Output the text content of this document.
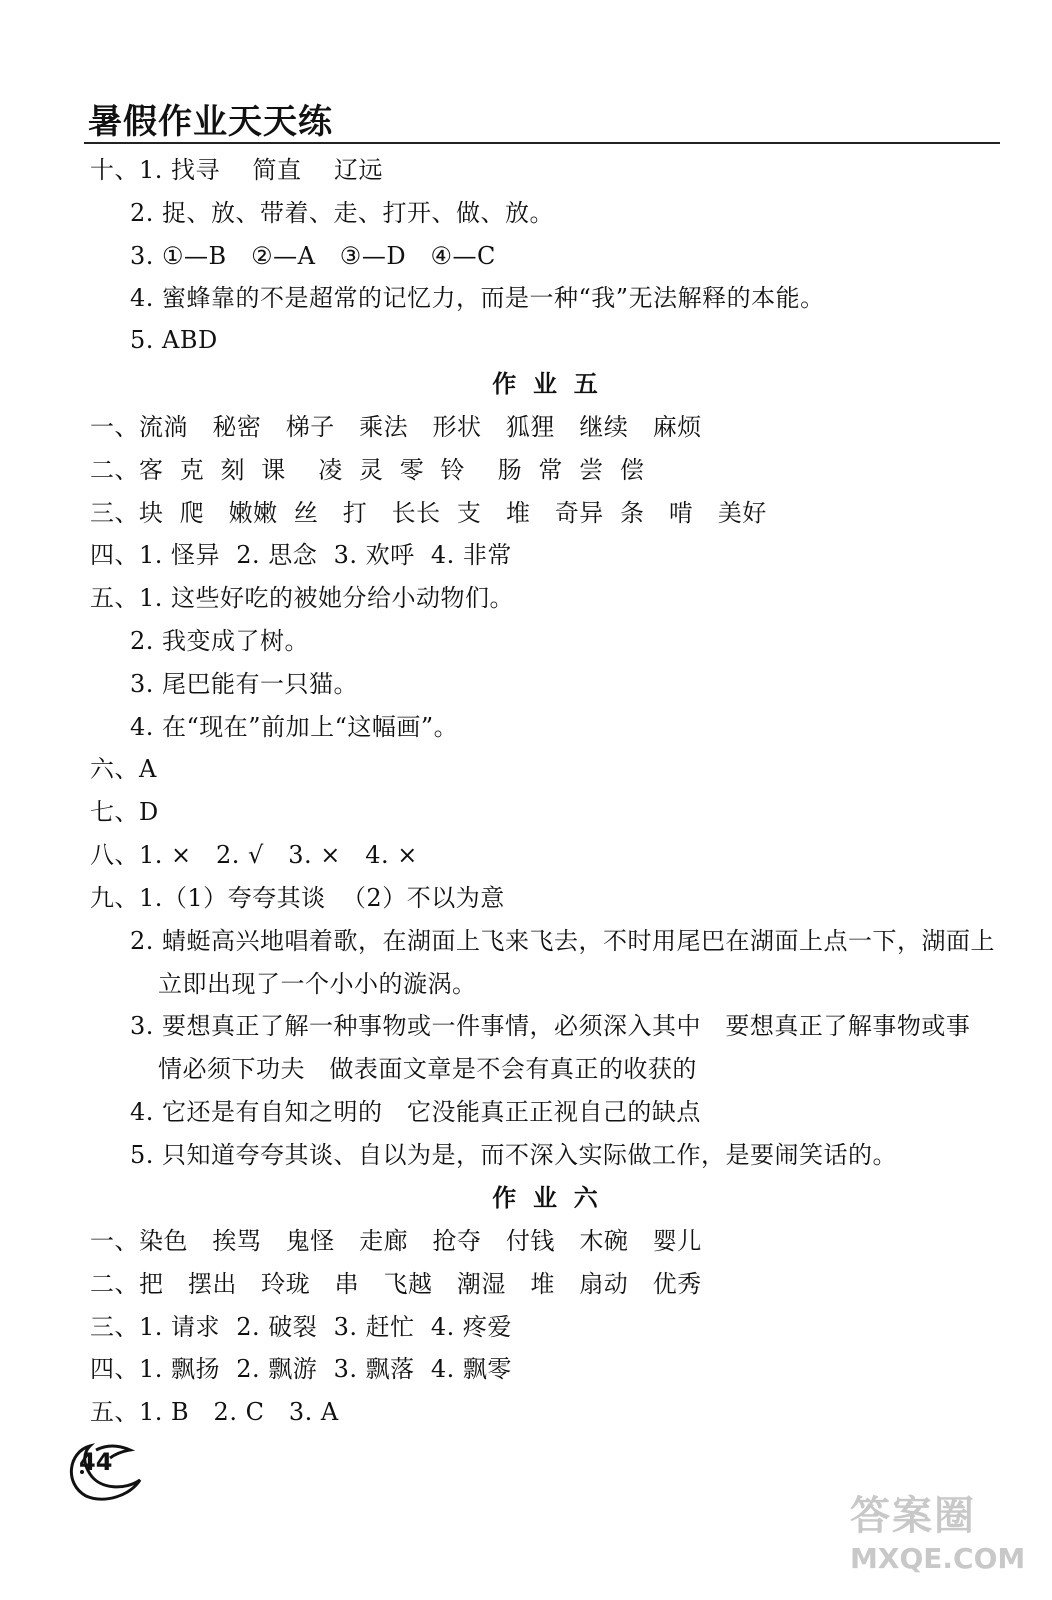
暑假作业天天练
十、1. 找寻    简直    辽远
2. 捉、放、带着、走、打开、做、放。
3. ①—B   ②—A   ③—D   ④—C
4. 蜜蜂靠的不是超常的记忆力，而是一种“我”无法解释的本能。
5. ABD
作  业  五
一、流淌   秘密   梯子   乘法   形状   狐狸   继续   麻烦
二、客  克  刻  课    凌  灵  零  铃    肠  常  尝  偿
三、块  爬   嫩嫩  丝   打   长长  支   堆   奇异  条   啃   美好
四、1. 怪异  2. 思念  3. 欢呼  4. 非常
五、1. 这些好吃的被她分给小动物们。
2. 我变成了树。
3. 尾巴能有一只猫。
4. 在“现在”前加上“这幅画”。
六、A
七、D
八、1. ×   2. √   3. ×   4. ×
九、1.（1）夸夸其谈  （2）不以为意
2. 蜻蜓高兴地唱着歌，在湖面上飞来飞去，不时用尾巴在湖面上点一下，湖面上
立即出现了一个小小的漩涡。
3. 要想真正了解一种事物或一件事情，必须深入其中   要想真正了解事物或事
情必须下功夫   做表面文章是不会有真正的收获的
4. 它还是有自知之明的   它没能真正正视自己的缺点
5. 只知道夸夸其谈、自以为是，而不深入实际做工作，是要闹笑话的。
作  业  六
一、染色   挨骂   鬼怪   走廊   抢夺   付钱   木碗   婴儿
二、把   摆出   玲珑   串   飞越   潮湿   堆   扇动   优秀
三、1. 请求  2. 破裂  3. 赶忙  4. 疼爱
四、1. 飘扬  2. 飘游  3. 飘落  4. 飘零
五、1. B   2. C   3. A
44
答案圈
MXQE.COM
